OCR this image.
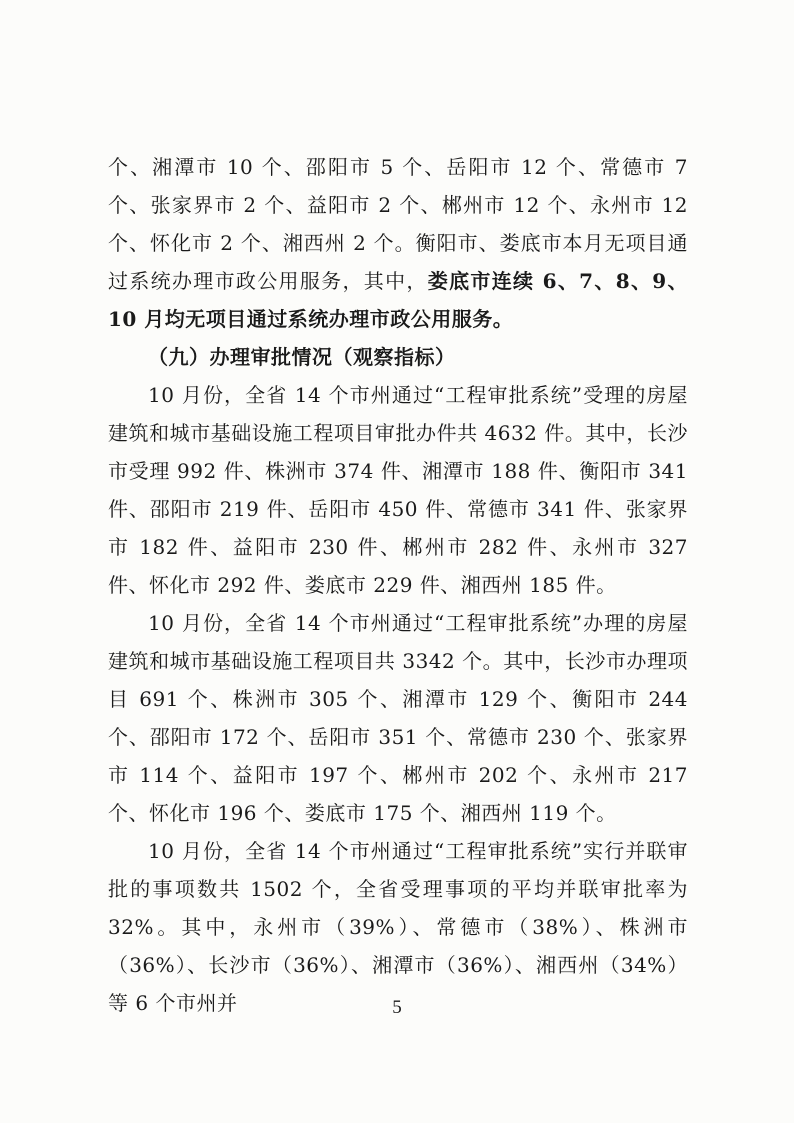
个、湘潭市 10 个、邵阳市 5 个、岳阳市 12 个、常德市 7 个、张家界市 2 个、益阳市 2 个、郴州市 12 个、永州市 12 个、怀化市 2 个、湘西州 2 个。衡阳市、娄底市本月无项目通过系统办理市政公用服务，其中，娄底市连续 6、7、8、9、10 月均无项目通过系统办理市政公用服务。

（九）办理审批情况（观察指标）

10 月份，全省 14 个市州通过“工程审批系统”受理的房屋建筑和城市基础设施工程项目审批办件共 4632 件。其中，长沙市受理 992 件、株洲市 374 件、湘潭市 188 件、衡阳市 341 件、邵阳市 219 件、岳阳市 450 件、常德市 341 件、张家界市 182 件、益阳市 230 件、郴州市 282 件、永州市 327 件、怀化市 292 件、娄底市 229 件、湘西州 185 件。

10 月份，全省 14 个市州通过“工程审批系统”办理的房屋建筑和城市基础设施工程项目共 3342 个。其中，长沙市办理项目 691 个、株洲市 305 个、湘潭市 129 个、衡阳市 244 个、邵阳市 172 个、岳阳市 351 个、常德市 230 个、张家界市 114 个、益阳市 197 个、郴州市 202 个、永州市 217 个、怀化市 196 个、娄底市 175 个、湘西州 119 个。

10 月份，全省 14 个市州通过“工程审批系统”实行并联审批的事项数共 1502 个，全省受理事项的平均并联审批率为 32%。其中，永州市（39%）、常德市（38%）、株洲市（36%）、长沙市（36%）、湘潭市（36%）、湘西州（34%）等 6 个市州并	5
